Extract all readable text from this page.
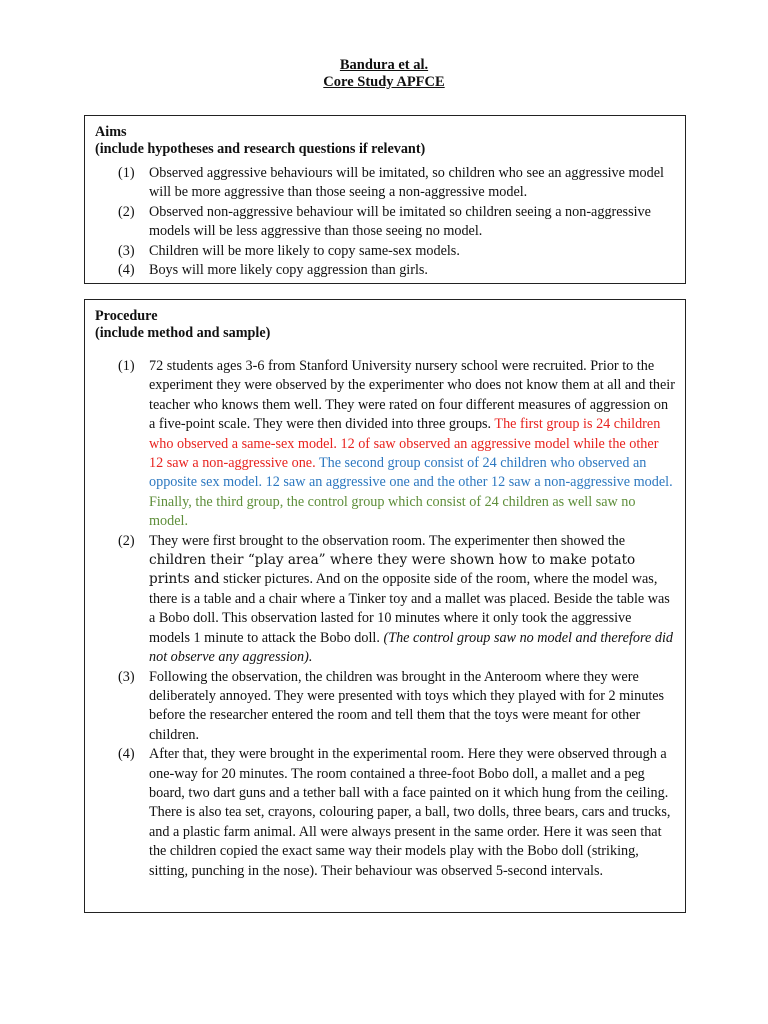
Bandura et al.
Core Study APFCE
Aims
(include hypotheses and research questions if relevant)
(1) Observed aggressive behaviours will be imitated, so children who see an aggressive model will be more aggressive than those seeing a non-aggressive model.
(2) Observed non-aggressive behaviour will be imitated so children seeing a non-aggressive models will be less aggressive than those seeing no model.
(3) Children will be more likely to copy same-sex models.
(4) Boys will more likely copy aggression than girls.
Procedure
(include method and sample)
(1) 72 students ages 3-6 from Stanford University nursery school were recruited. Prior to the experiment they were observed by the experimenter who does not know them at all and their teacher who knows them well. They were rated on four different measures of aggression on a five-point scale. They were then divided into three groups. The first group is 24 children who observed a same-sex model. 12 of saw observed an aggressive model while the other 12 saw a non-aggressive one. The second group consist of 24 children who observed an opposite sex model. 12 saw an aggressive one and the other 12 saw a non-aggressive model. Finally, the third group, the control group which consist of 24 children as well saw no model.
(2) They were first brought to the observation room. The experimenter then showed the children their “play area” where they were shown how to make potato prints and sticker pictures. And on the opposite side of the room, where the model was, there is a table and a chair where a Tinker toy and a mallet was placed. Beside the table was a Bobo doll. This observation lasted for 10 minutes where it only took the aggressive models 1 minute to attack the Bobo doll. (The control group saw no model and therefore did not observe any aggression).
(3) Following the observation, the children was brought in the Anteroom where they were deliberately annoyed. They were presented with toys which they played with for 2 minutes before the researcher entered the room and tell them that the toys were meant for other children.
(4) After that, they were brought in the experimental room. Here they were observed through a one-way for 20 minutes. The room contained a three-foot Bobo doll, a mallet and a peg board, two dart guns and a tether ball with a face painted on it which hung from the ceiling. There is also tea set, crayons, colouring paper, a ball, two dolls, three bears, cars and trucks, and a plastic farm animal. All were always present in the same order. Here it was seen that the children copied the exact same way their models play with the Bobo doll (striking, sitting, punching in the nose). Their behaviour was observed 5-second intervals.
